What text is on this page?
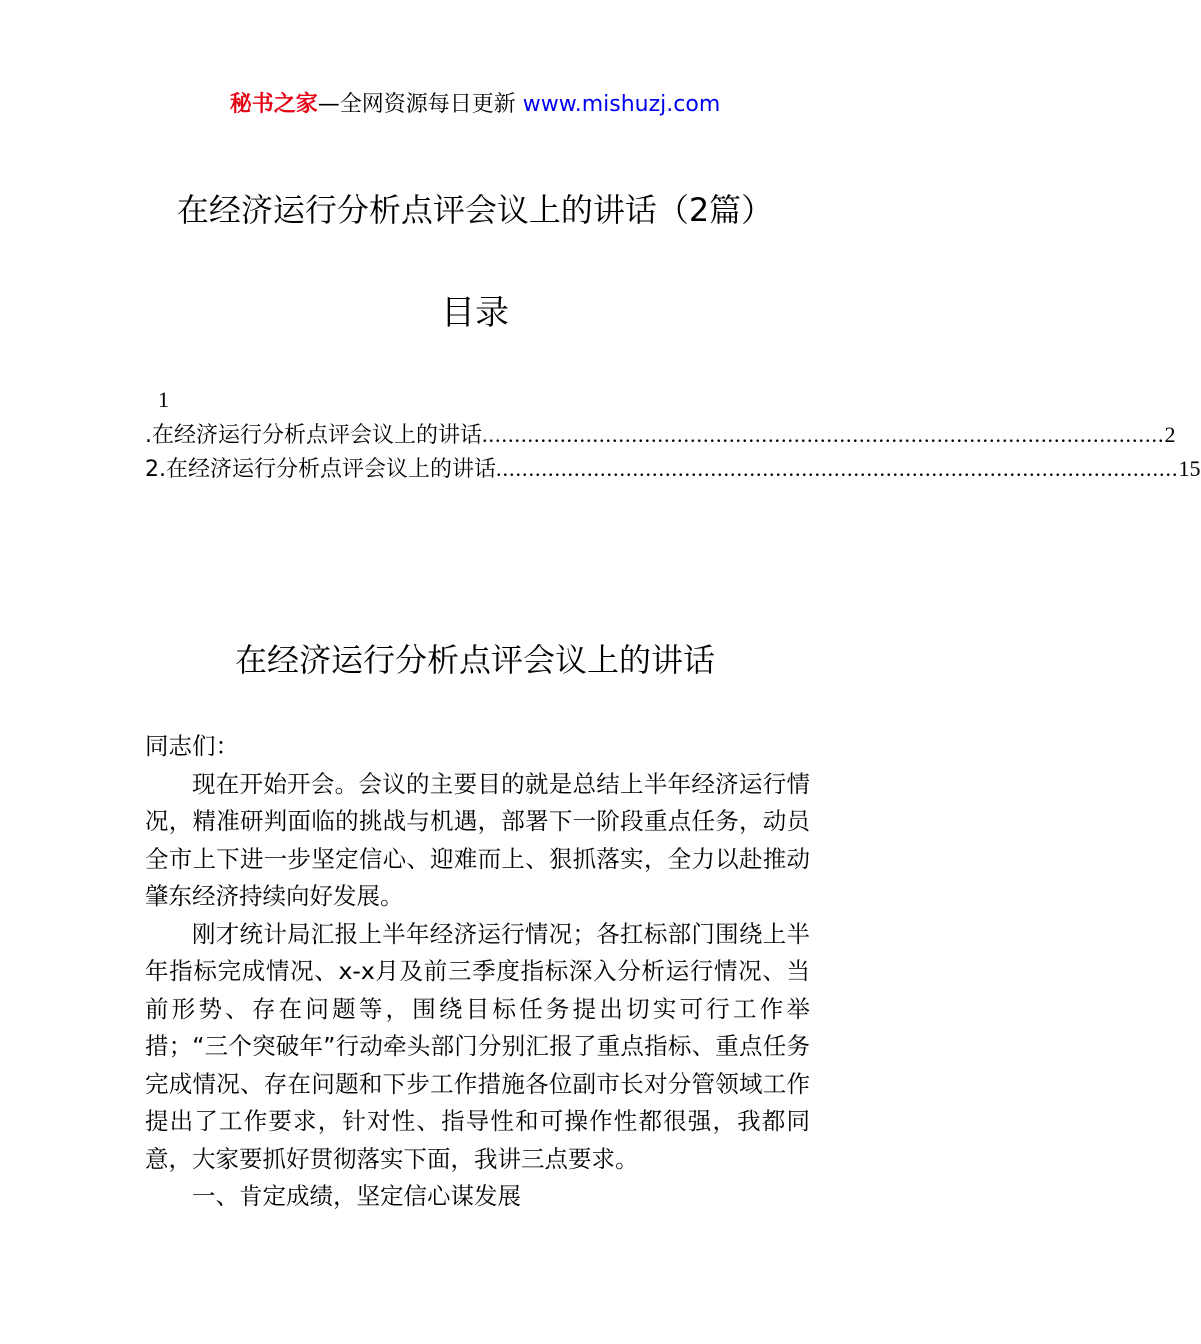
秘书之家—全网资源每日更新 www.mishuzj.com
在经济运行分析点评会议上的讲话（2篇）
目录
1
.在经济运行分析点评会议上的讲话 ......................................................................................................... 2
2.在经济运行分析点评会议上的讲话 ......................................................................................................... 15
在经济运行分析点评会议上的讲话

同志们：

现在开始开会。会议的主要目的就是总结上半年经济运行情况，精准研判面临的挑战与机遇，部署下一阶段重点任务，动员全市上下进一步坚定信心、迎难而上、狠抓落实，全力以赴推动肇东经济持续向好发展。

刚才统计局汇报上半年经济运行情况；各扛标部门围绕上半年指标完成情况、x-x月及前三季度指标深入分析运行情况、当前形势、存在问题等，围绕目标任务提出切实可行工作举措；“三个突破年”行动牵头部门分别汇报了重点指标、重点任务完成情况、存在问题和下步工作措施各位副市长对分管领域工作提出了工作要求，针对性、指导性和可操作性都很强，我都同意，大家要抓好贯彻落实下面，我讲三点要求。

一、肯定成绩，坚定信心谋发展
